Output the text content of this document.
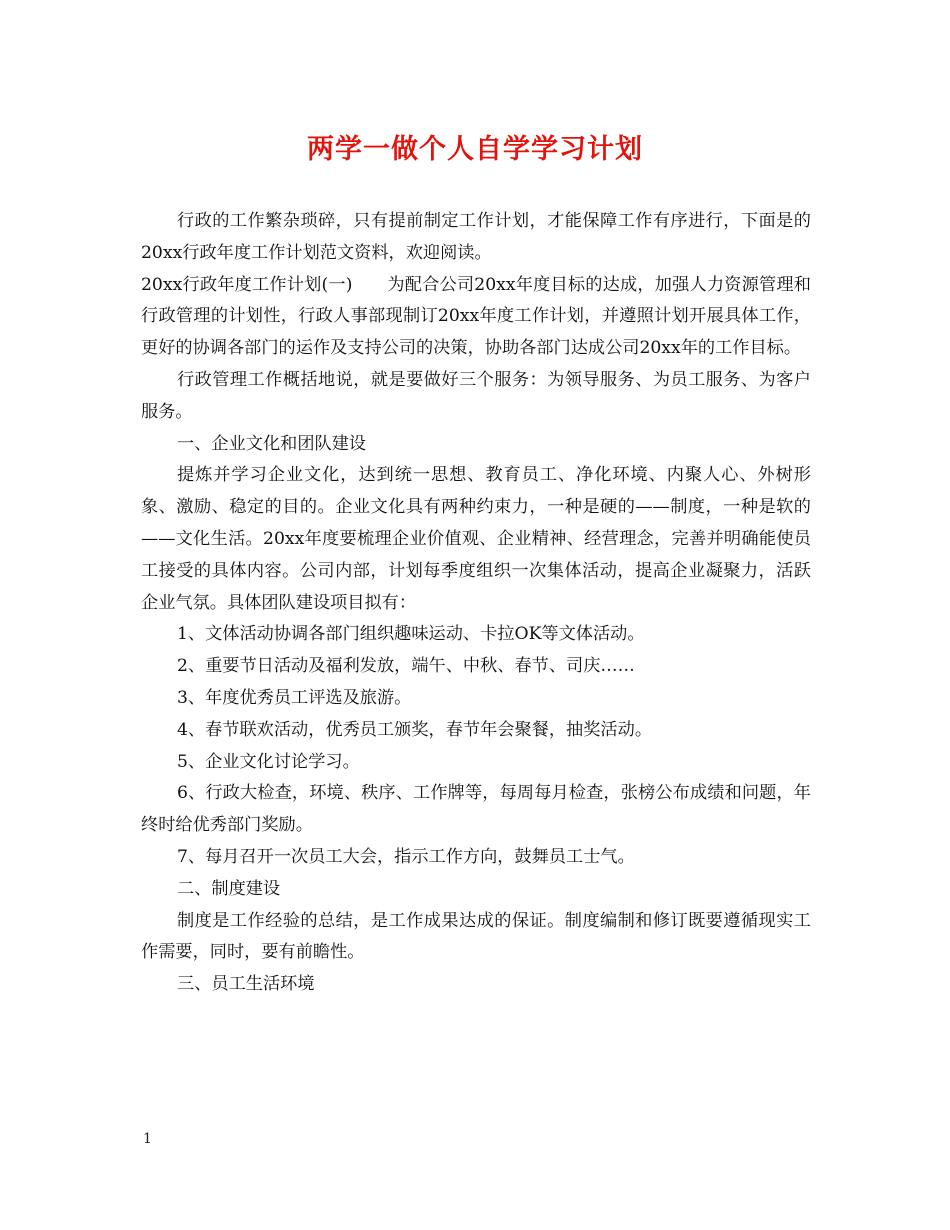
两学一做个人自学学习计划

行政的工作繁杂琐碎，只有提前制定工作计划，才能保障工作有序进行，下面是的20xx行政年度工作计划范文资料，欢迎阅读。

20xx行政年度工作计划(一)　　为配合公司20xx年度目标的达成，加强人力资源管理和行政管理的计划性，行政人事部现制订20xx年度工作计划，并遵照计划开展具体工作，更好的协调各部门的运作及支持公司的决策，协助各部门达成公司20xx年的工作目标。

行政管理工作概括地说，就是要做好三个服务：为领导服务、为员工服务、为客户服务。

一、企业文化和团队建设

提炼并学习企业文化，达到统一思想、教育员工、净化环境、内聚人心、外树形象、激励、稳定的目的。企业文化具有两种约束力，一种是硬的——制度，一种是软的——文化生活。20xx年度要梳理企业价值观、企业精神、经营理念，完善并明确能使员工接受的具体内容。公司内部，计划每季度组织一次集体活动，提高企业凝聚力，活跃企业气氛。具体团队建设项目拟有：

1、文体活动协调各部门组织趣味运动、卡拉OK等文体活动。

2、重要节日活动及福利发放，端午、中秋、春节、司庆……

3、年度优秀员工评选及旅游。

4、春节联欢活动，优秀员工颁奖，春节年会聚餐，抽奖活动。

5、企业文化讨论学习。

6、行政大检查，环境、秩序、工作牌等，每周每月检查，张榜公布成绩和问题，年终时给优秀部门奖励。

7、每月召开一次员工大会，指示工作方向，鼓舞员工士气。

二、制度建设

制度是工作经验的总结，是工作成果达成的保证。制度编制和修订既要遵循现实工作需要，同时，要有前瞻性。

三、员工生活环境

1
